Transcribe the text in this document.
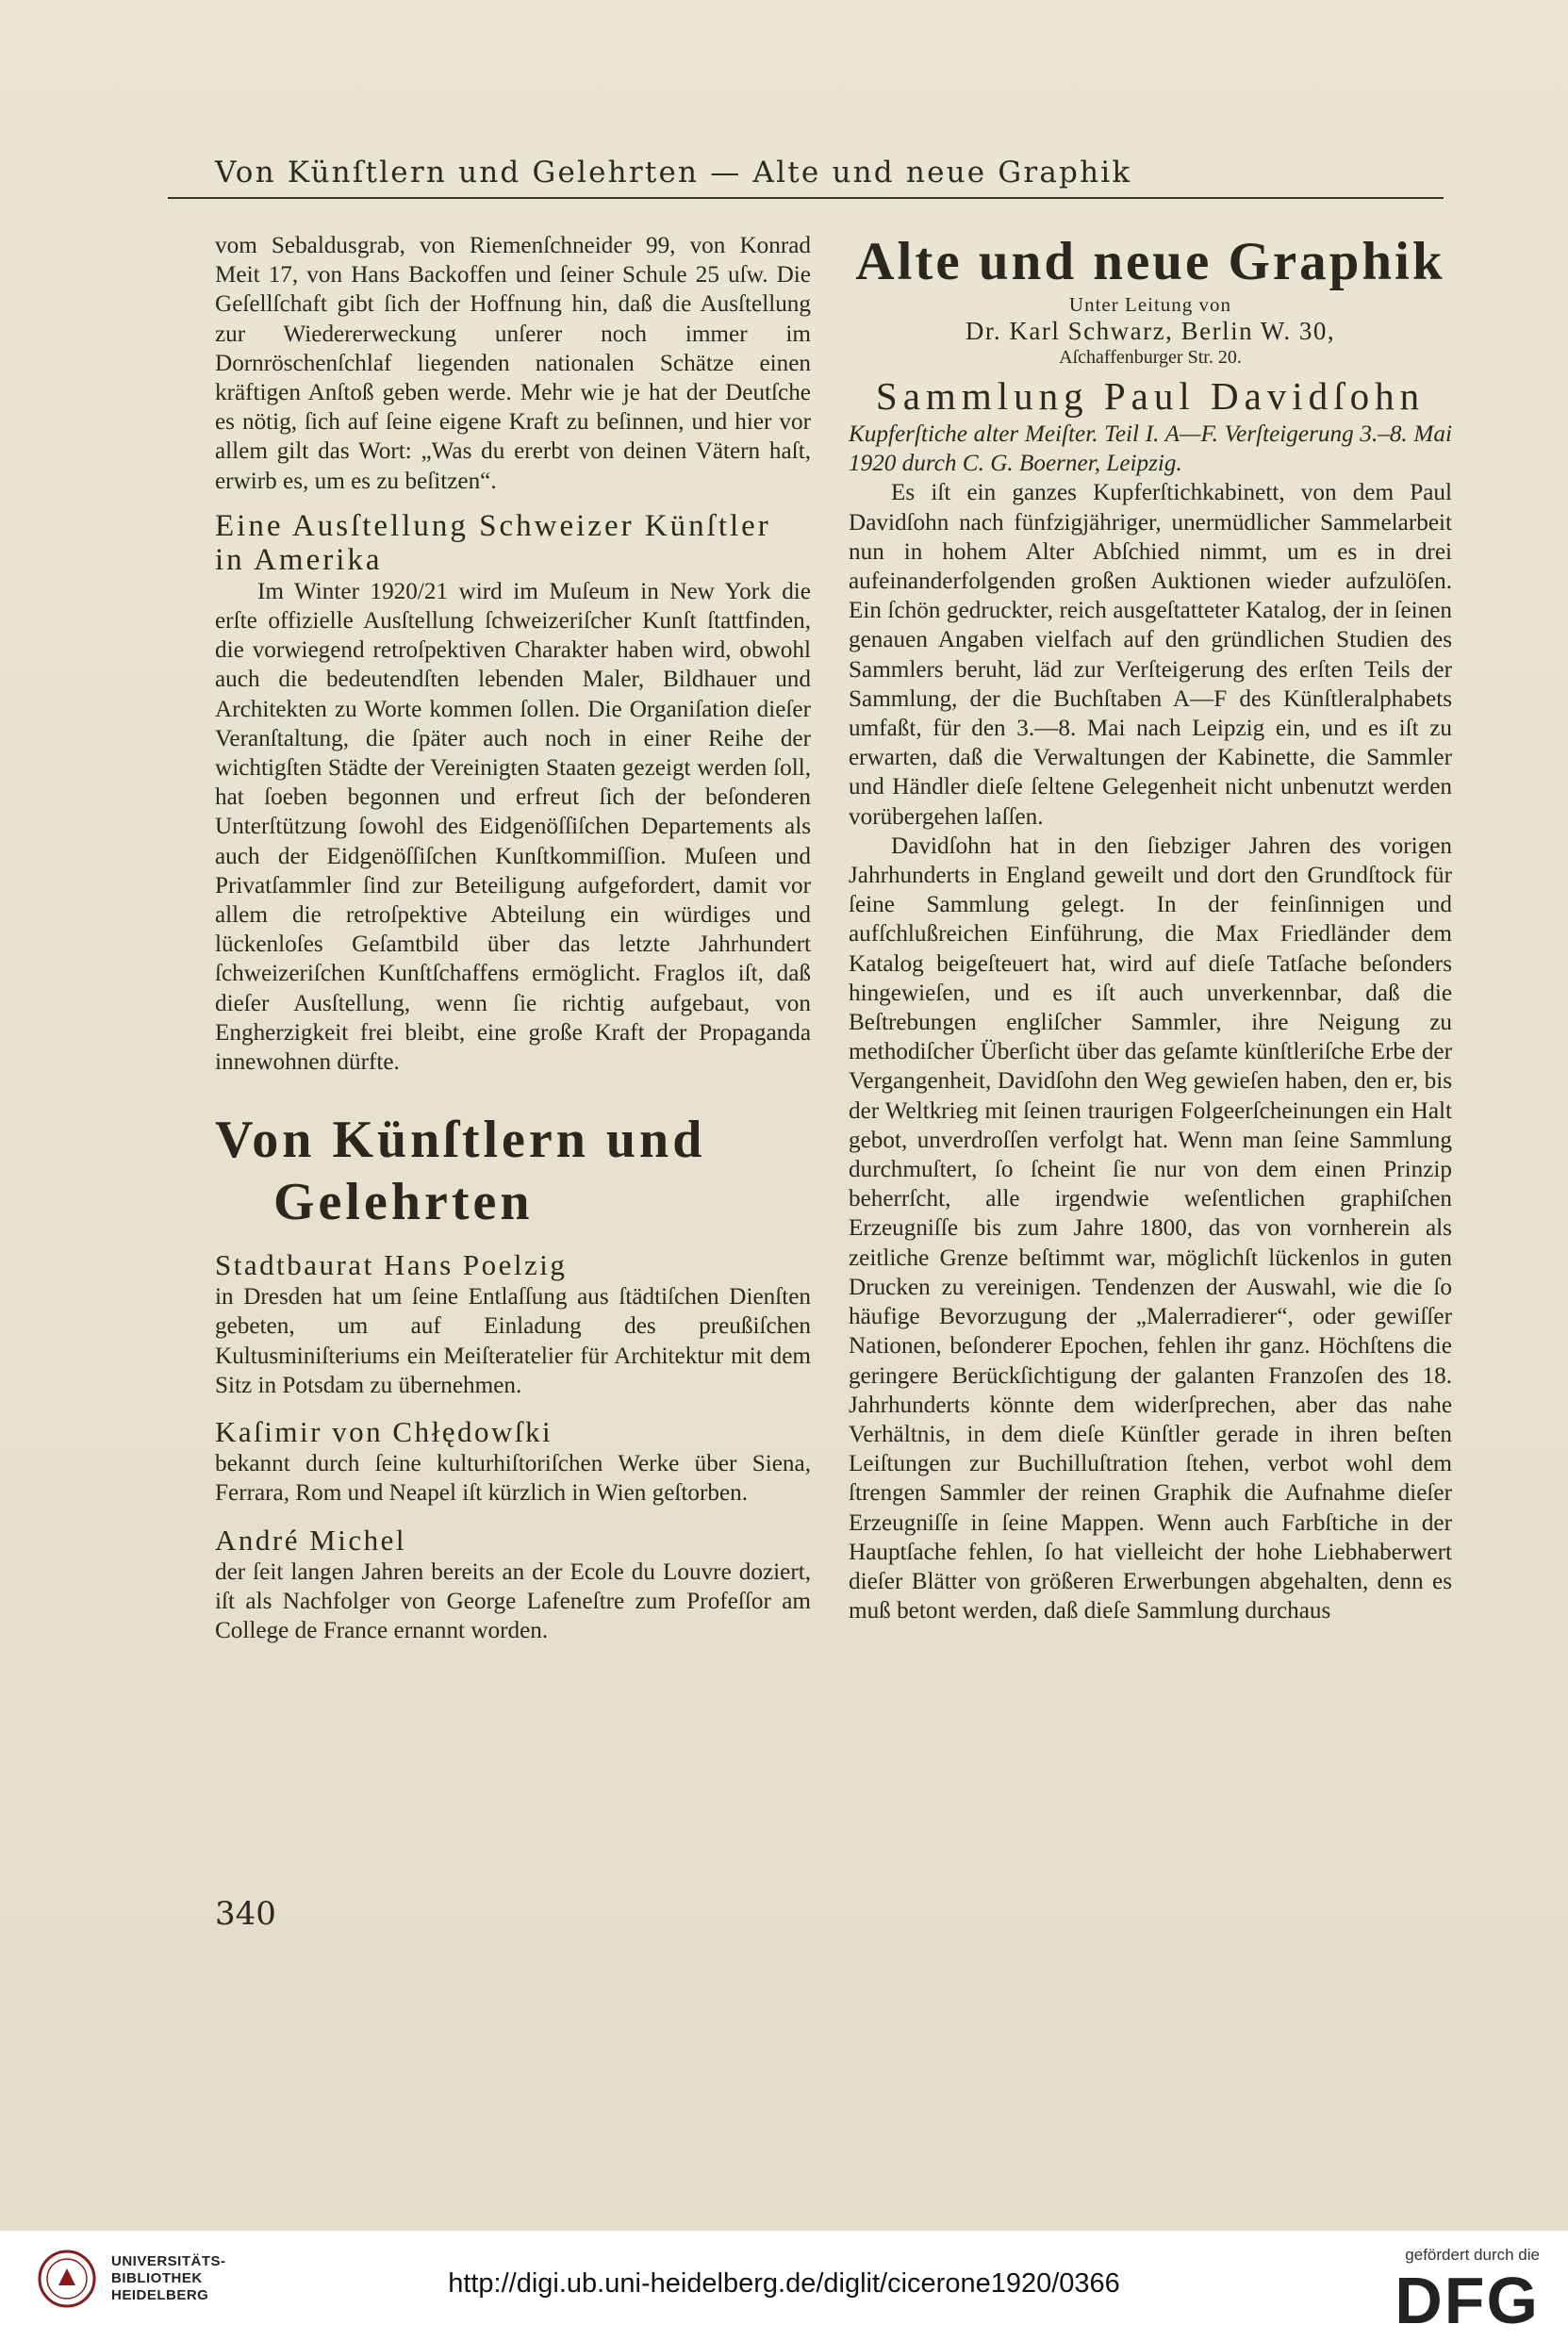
Von Künſtlern und Gelehrten — Alte und neue Graphik

vom Sebaldusgrab, von Riemenſchneider 99, von Konrad Meit 17, von Hans Backoffen und ſeiner Schule 25 uſw. Die Geſellſchaft gibt ſich der Hoffnung hin, daß die Ausſtellung zur Wiedererweckung unſerer noch immer im Dornröschenſchlaf liegenden nationalen Schätze einen kräftigen Anſtoß geben werde. Mehr wie je hat der Deutſche es nötig, ſich auf ſeine eigene Kraft zu beſinnen, und hier vor allem gilt das Wort: „Was du ererbt von deinen Vätern haſt, erwirb es, um es zu beſitzen“.

Eine Ausſtellung Schweizer Künſtler in Amerika

Im Winter 1920/21 wird im Muſeum in New York die erſte offizielle Ausſtellung ſchweizeriſcher Kunſt ſtattfinden, die vorwiegend retroſpektiven Charakter haben wird, obwohl auch die bedeutendſten lebenden Maler, Bildhauer und Architekten zu Worte kommen ſollen. Die Organiſation dieſer Veranſtaltung, die ſpäter auch noch in einer Reihe der wichtigſten Städte der Vereinigten Staaten gezeigt werden ſoll, hat ſoeben begonnen und erfreut ſich der beſonderen Unterſtützung ſowohl des Eidgenöſſiſchen Departements als auch der Eidgenöſſiſchen Kunſtkommiſſion. Muſeen und Privatſammler ſind zur Beteiligung aufgefordert, damit vor allem die retroſpektive Abteilung ein würdiges und lückenloſes Geſamtbild über das letzte Jahrhundert ſchweizeriſchen Kunſtſchaffens ermöglicht. Fraglos iſt, daß dieſer Ausſtellung, wenn ſie richtig aufgebaut, von Engherzigkeit frei bleibt, eine große Kraft der Propaganda innewohnen dürfte.

Von Künſtlern und
Gelehrten
Stadtbaurat Hans Poelzig

in Dresden hat um ſeine Entlaſſung aus ſtädtiſchen Dienſten gebeten, um auf Einladung des preußiſchen Kultusminiſteriums ein Meiſteratelier für Architektur mit dem Sitz in Potsdam zu übernehmen.

Kaſimir von Chłędowſki

bekannt durch ſeine kulturhiſtoriſchen Werke über Siena, Ferrara, Rom und Neapel iſt kürzlich in Wien geſtorben.

André Michel

der ſeit langen Jahren bereits an der Ecole du Louvre doziert, iſt als Nachfolger von George Lafeneſtre zum Profeſſor am College de France ernannt worden.

Alte und neue Graphik
Unter Leitung von
Dr. Karl Schwarz, Berlin W. 30,
Aſchaffenburger Str. 20.
Sammlung Paul Davidſohn

Kupferſtiche alter Meiſter. Teil I. A—F. Verſteigerung 3.–8. Mai 1920 durch C. G. Boerner, Leipzig.

Es iſt ein ganzes Kupferſtichkabinett, von dem Paul Davidſohn nach fünfzigjähriger, unermüdlicher Sammelarbeit nun in hohem Alter Abſchied nimmt, um es in drei aufeinanderfolgenden großen Auktionen wieder aufzulöſen. Ein ſchön gedruckter, reich ausgeſtatteter Katalog, der in ſeinen genauen Angaben vielfach auf den gründlichen Studien des Sammlers beruht, läd zur Verſteigerung des erſten Teils der Sammlung, der die Buchſtaben A—F des Künſtleralphabets umfaßt, für den 3.—8. Mai nach Leipzig ein, und es iſt zu erwarten, daß die Verwaltungen der Kabinette, die Sammler und Händler dieſe ſeltene Gelegenheit nicht unbenutzt werden vorübergehen laſſen.

Davidſohn hat in den ſiebziger Jahren des vorigen Jahrhunderts in England geweilt und dort den Grundſtock für ſeine Sammlung gelegt. In der feinſinnigen und aufſchlußreichen Einführung, die Max Friedländer dem Katalog beigeſteuert hat, wird auf dieſe Tatſache beſonders hingewieſen, und es iſt auch unverkennbar, daß die Beſtrebungen engliſcher Sammler, ihre Neigung zu methodiſcher Überſicht über das geſamte künſtleriſche Erbe der Vergangenheit, Davidſohn den Weg gewieſen haben, den er, bis der Weltkrieg mit ſeinen traurigen Folgeerſcheinungen ein Halt gebot, unverdroſſen verfolgt hat. Wenn man ſeine Sammlung durchmuſtert, ſo ſcheint ſie nur von dem einen Prinzip beherrſcht, alle irgendwie weſentlichen graphiſchen Erzeugniſſe bis zum Jahre 1800, das von vornherein als zeitliche Grenze beſtimmt war, möglichſt lückenlos in guten Drucken zu vereinigen. Tendenzen der Auswahl, wie die ſo häufige Bevorzugung der „Malerradierer“, oder gewiſſer Nationen, beſonderer Epochen, fehlen ihr ganz. Höchſtens die geringere Berückſichtigung der galanten Franzoſen des 18. Jahrhunderts könnte dem widerſprechen, aber das nahe Verhältnis, in dem dieſe Künſtler gerade in ihren beſten Leiſtungen zur Buchilluſtration ſtehen, verbot wohl dem ſtrengen Sammler der reinen Graphik die Aufnahme dieſer Erzeugniſſe in ſeine Mappen. Wenn auch Farbſtiche in der Hauptſache fehlen, ſo hat vielleicht der hohe Liebhaberwert dieſer Blätter von größeren Erwerbungen abgehalten, denn es muß betont werden, daß dieſe Sammlung durchaus

340
UNIVERSITÄTS-
BIBLIOTHEK
HEIDELBERG	http://digi.ub.uni-heidelberg.de/diglit/cicerone1920/0366
gefördert durch die
DFG
